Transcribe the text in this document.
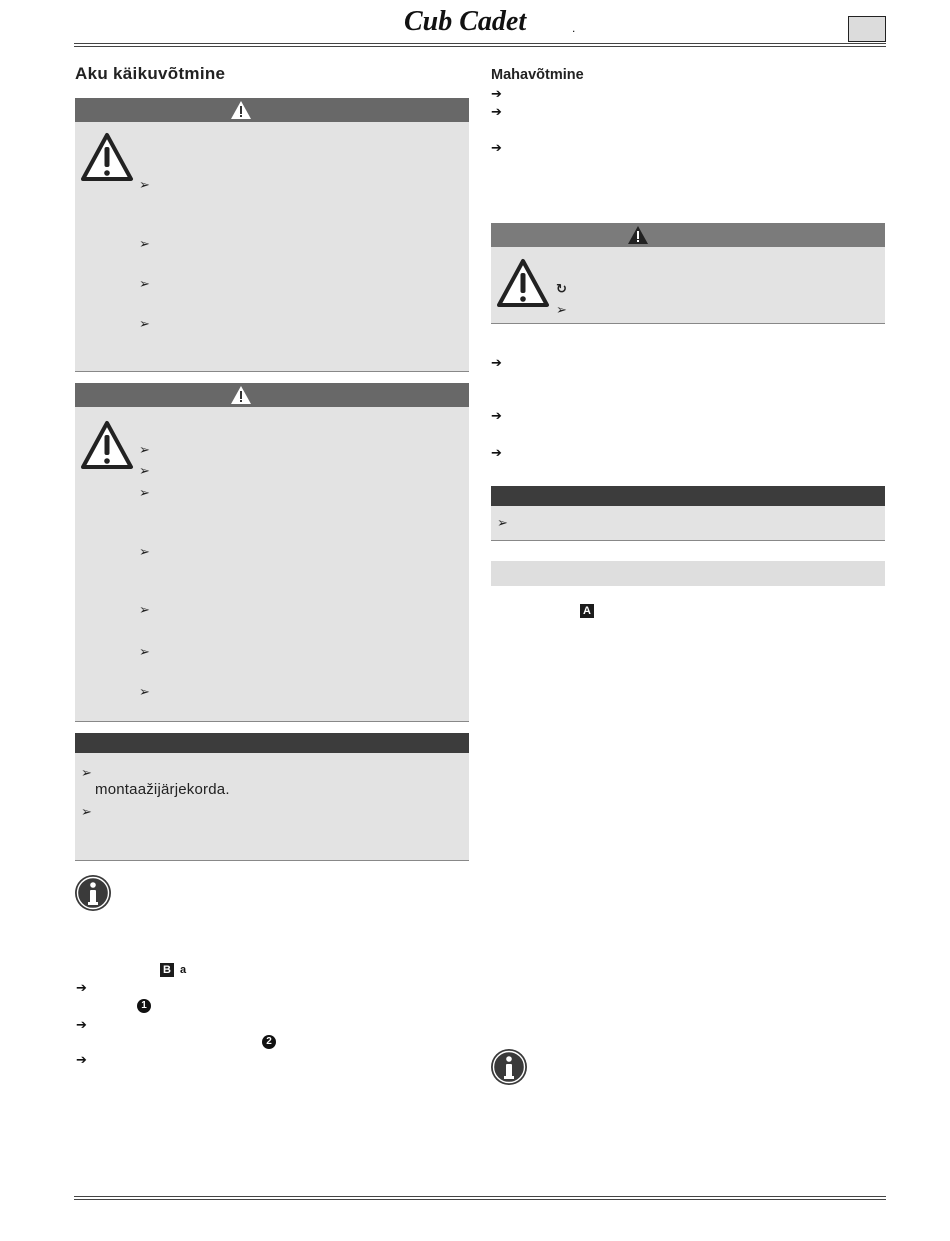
Cub Cadet	.
Aku käikuvõtmine
➢
➢
➢
➢
➢
➢
➢
➢
➢
➢
➢
➢
montaažijärjekorda.
➢
B a
➔
1
➔
2
➔
Mahavõtmine
➔
➔
➔
↻
➢
➔
➔
➔
➢
A
